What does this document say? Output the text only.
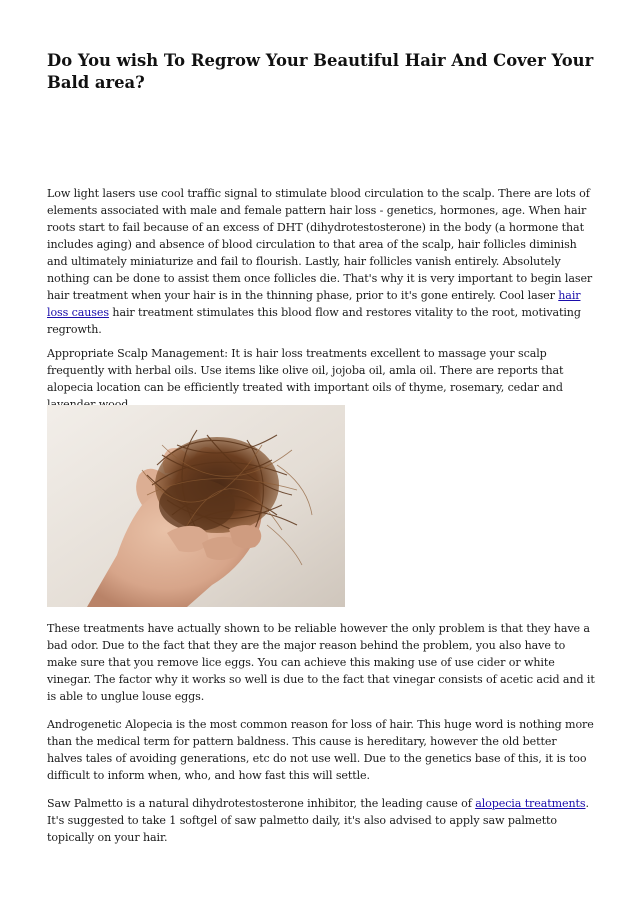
Do You wish To Regrow Your Beautiful Hair And Cover Your Bald area?

Low light lasers use cool traffic signal to stimulate blood circulation to the scalp. There are lots of elements associated with male and female pattern hair loss - genetics, hormones, age. When hair roots start to fail because of an excess of DHT (dihydrotestosterone) in the body (a hormone that includes aging) and absence of blood circulation to that area of the scalp, hair follicles diminish and ultimately miniaturize and fail to flourish. Lastly, hair follicles vanish entirely. Absolutely nothing can be done to assist them once follicles die. That's why it is very important to begin laser hair treatment when your hair is in the thinning phase, prior to it's gone entirely. Cool laser hair loss causes hair treatment stimulates this blood flow and restores vitality to the root, motivating regrowth.

Appropriate Scalp Management: It is hair loss treatments excellent to massage your scalp frequently with herbal oils. Use items like olive oil, jojoba oil, amla oil. There are reports that alopecia location can be efficiently treated with important oils of thyme, rosemary, cedar and

These treatments have actually shown to be reliable however the only problem is that they have a bad odor. Due to the fact that they are the major reason behind the problem, you also have to make sure that you remove lice eggs. You can achieve this making use of use cider or white vinegar. The factor why it works so well is due to the fact that vinegar consists of acetic acid and it is able to unglue louse eggs.

Androgenetic Alopecia is the most common reason for loss of hair. This huge word is nothing more than the medical term for pattern baldness. This cause is hereditary, however the old better halves tales of avoiding generations, etc do not use well. Due to the genetics base of this, it is too difficult to inform when, who, and how fast this will settle.

Saw Palmetto is a natural dihydrotestosterone inhibitor, the leading cause of alopecia treatments. It's suggested to take 1 softgel of saw palmetto daily, it's also advised to apply saw palmetto topically on your hair.
